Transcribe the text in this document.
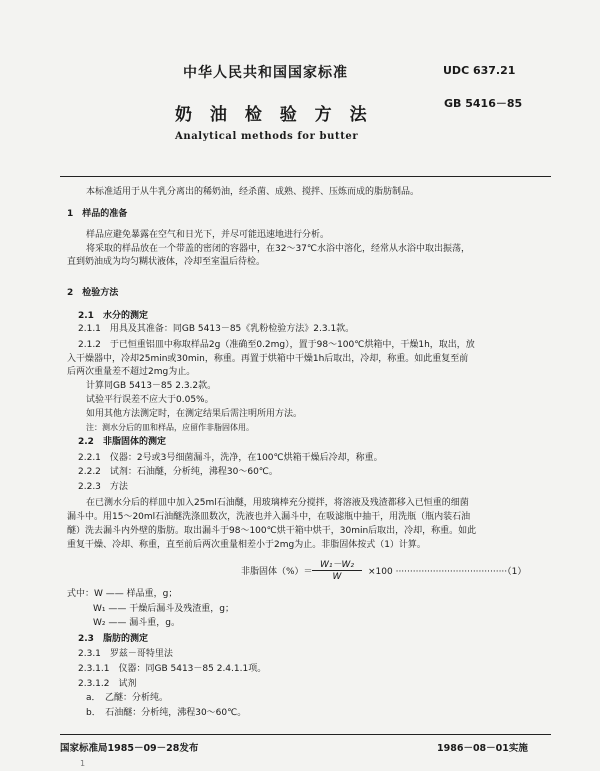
中华人民共和国国家标准	UDC 637.21
奶 油 检 验 方 法
GB 5416－85
Analytical methods for butter
本标准适用于从牛乳分离出的稀奶油，经杀菌、成熟、搅拌、压炼而成的脂肪制品。
1　样品的准备
样品应避免暴露在空气和日光下，并尽可能迅速地进行分析。
将采取的样品放在一个带盖的密闭的容器中，在32～37℃水浴中溶化，经常从水浴中取出振荡，
直到奶油成为均匀糊状液体，冷却至室温后待检。
2　检验方法
2.1　水分的测定
2.1.1　用具及其准备：同GB 5413－85《乳粉检验方法》2.3.1款。
2.1.2　于已恒重铝皿中称取样品2g（准确至0.2mg），置于98～100℃烘箱中，干燥1h，取出，放
入干燥器中，冷却25min或30min，称重。再置于烘箱中干燥1h后取出，冷却，称重。如此重复至前
后两次重量差不超过2mg为止。
计算同GB 5413－85 2.3.2款。
试验平行误差不应大于0.05%。
如用其他方法测定时，在测定结果后需注明所用方法。
注：测水分后的皿和样品，应留作非脂固体用。
2.2　非脂固体的测定
2.2.1　仪器：2号或3号细菌漏斗，洗净，在100℃烘箱干燥后冷却，称重。
2.2.2　试剂：石油醚，分析纯，沸程30～60℃。
2.2.3　方法
在已测水分后的样皿中加入25ml石油醚，用玻璃棒充分搅拌，将溶液及残渣都移入已恒重的细菌
漏斗中。用15～20ml石油醚洗涤皿数次，洗液也并入漏斗中，在吸滤瓶中抽干，用洗瓶（瓶内装石油
醚）洗去漏斗内外壁的脂肪。取出漏斗于98～100℃烘干箱中烘干，30min后取出，冷却，称重。如此
重复干燥、冷却、称重，直至前后两次重量相差小于2mg为止。非脂固体按式（1）计算。
非脂固体（%）＝
W₁－W₂
W	×100 ·······································（1）
式中：W —— 样品重，g；
W₁ —— 干燥后漏斗及残渣重，g；
W₂ —— 漏斗重，g。
2.3　脂肪的测定
2.3.1　罗兹－哥特里法
2.3.1.1　仪器：同GB 5413－85 2.4.1.1项。
2.3.1.2　试剂
a．　乙醚：分析纯。
b．　石油醚：分析纯，沸程30～60℃。
国家标准局1985－09－28发布	1986－08－01实施
1
